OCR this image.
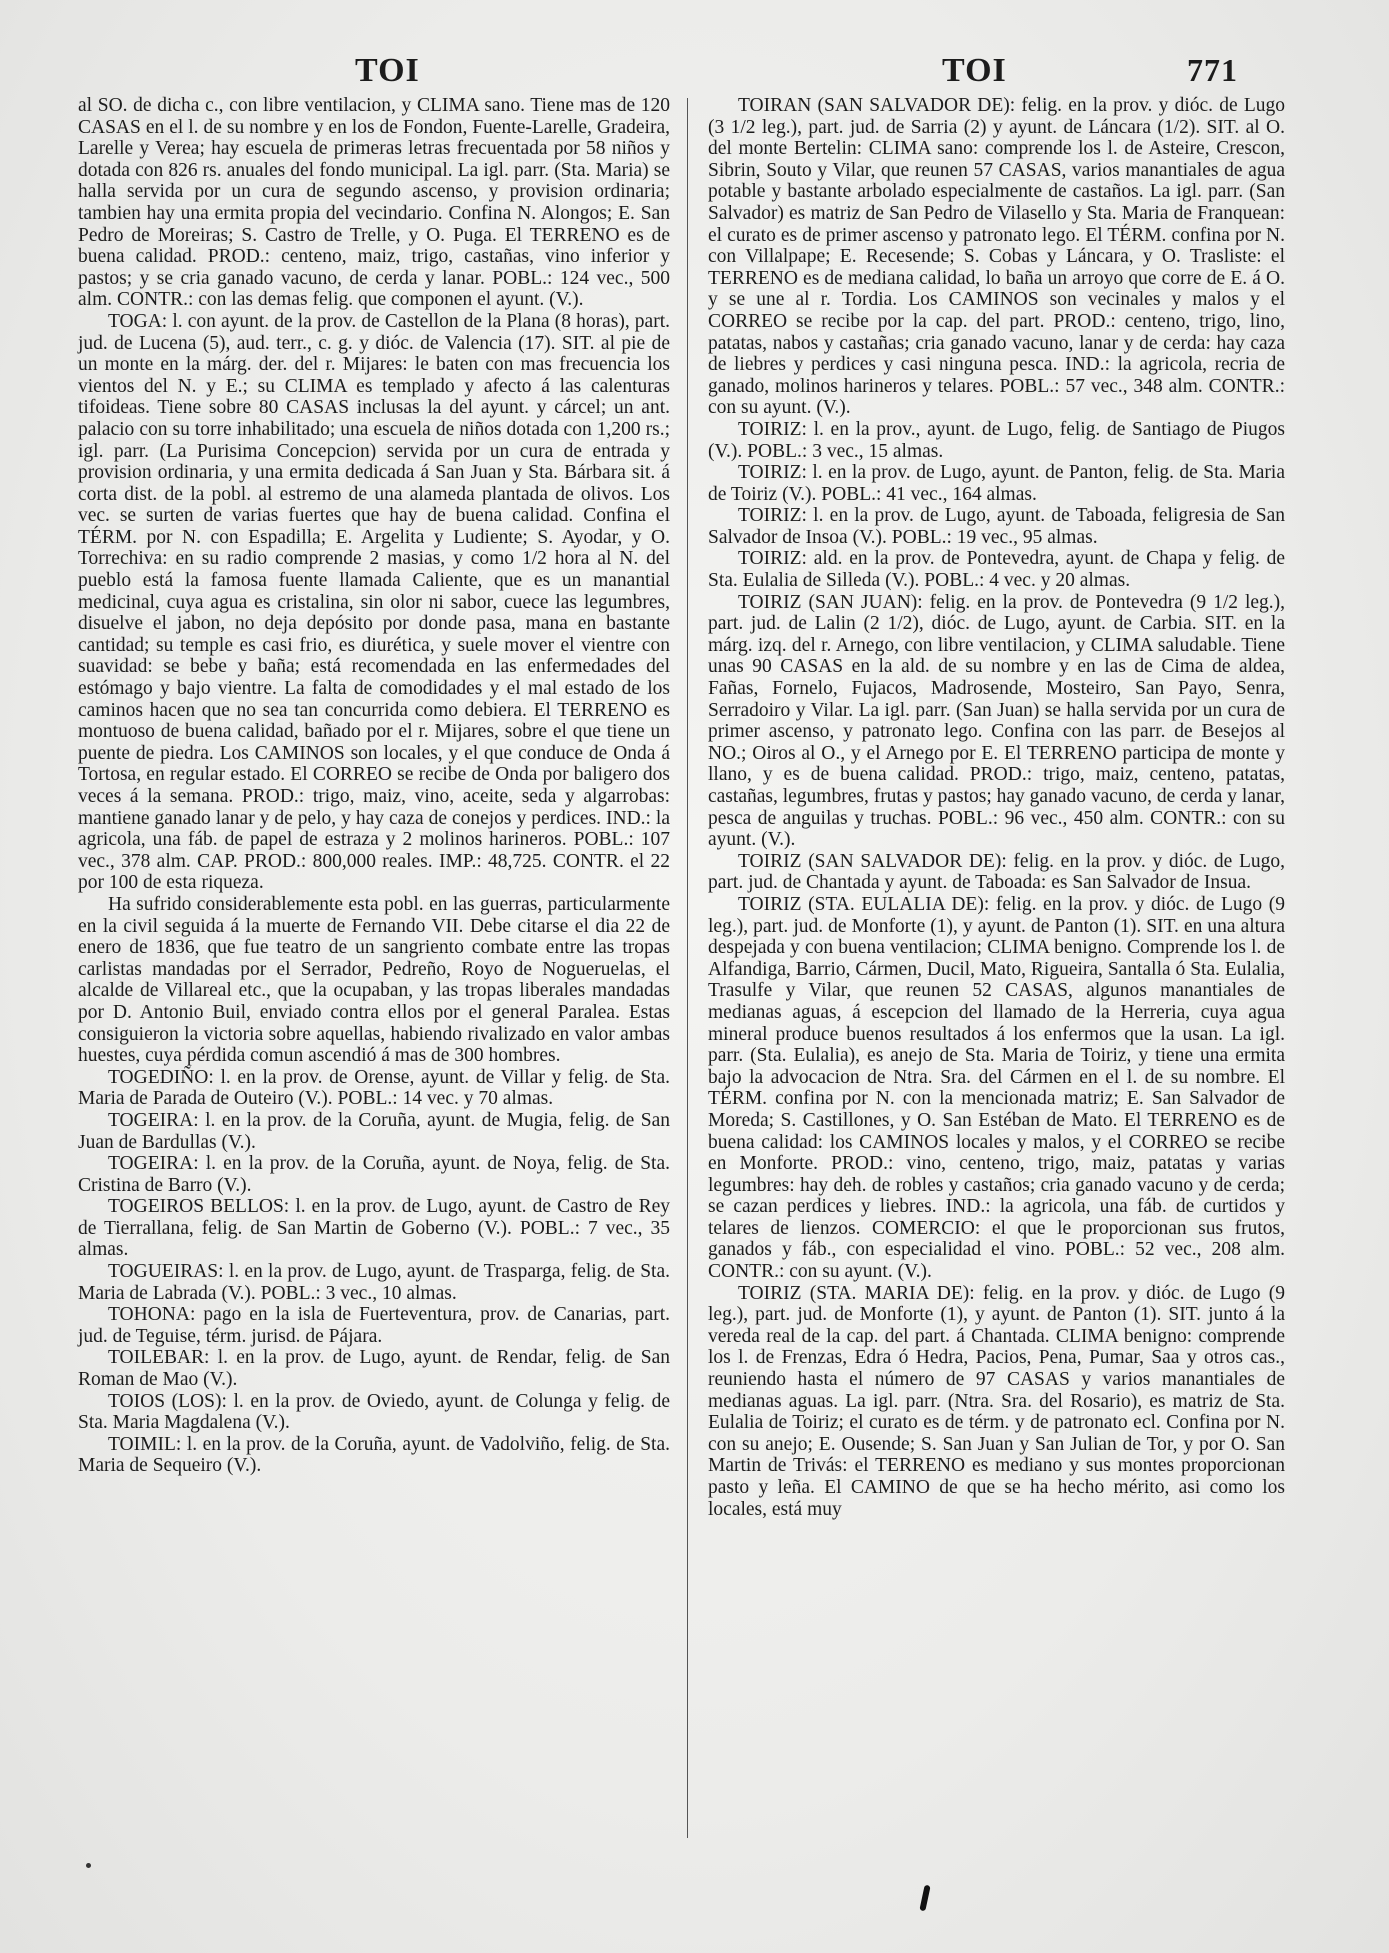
TOI	TOI	771

al SO. de dicha c., con libre ventilacion, y CLIMA sano. Tiene mas de 120 CASAS en el l. de su nombre y en los de Fondon, Fuente-Larelle, Gradeira, Larelle y Verea; hay escuela de primeras letras frecuentada por 58 niños y dotada con 826 rs. anuales del fondo municipal. La igl. parr. (Sta. Maria) se halla servida por un cura de segundo ascenso, y provision ordinaria; tambien hay una ermita propia del vecindario. Confina N. Alongos; E. San Pedro de Moreiras; S. Castro de Trelle, y O. Puga. El TERRENO es de buena calidad. PROD.: centeno, maiz, trigo, castañas, vino inferior y pastos; y se cria ganado vacuno, de cerda y lanar. POBL.: 124 vec., 500 alm. CONTR.: con las demas felig. que componen el ayunt. (V.).

TOGA: l. con ayunt. de la prov. de Castellon de la Plana (8 horas), part. jud. de Lucena (5), aud. terr., c. g. y dióc. de Valencia (17). SIT. al pie de un monte en la márg. der. del r. Mijares: le baten con mas frecuencia los vientos del N. y E.; su CLIMA es templado y afecto á las calenturas tifoideas. Tiene sobre 80 CASAS inclusas la del ayunt. y cárcel; un ant. palacio con su torre inhabilitado; una escuela de niños dotada con 1,200 rs.; igl. parr. (La Purisima Concepcion) servida por un cura de entrada y provision ordinaria, y una ermita dedicada á San Juan y Sta. Bárbara sit. á corta dist. de la pobl. al estremo de una alameda plantada de olivos. Los vec. se surten de varias fuertes que hay de buena calidad. Confina el TÉRM. por N. con Espadilla; E. Argelita y Ludiente; S. Ayodar, y O. Torrechiva: en su radio comprende 2 masias, y como 1/2 hora al N. del pueblo está la famosa fuente llamada Caliente, que es un manantial medicinal, cuya agua es cristalina, sin olor ni sabor, cuece las legumbres, disuelve el jabon, no deja depósito por donde pasa, mana en bastante cantidad; su temple es casi frio, es diurética, y suele mover el vientre con suavidad: se bebe y baña; está recomendada en las enfermedades del estómago y bajo vientre. La falta de comodidades y el mal estado de los caminos hacen que no sea tan concurrida como debiera. El TERRENO es montuoso de buena calidad, bañado por el r. Mijares, sobre el que tiene un puente de piedra. Los CAMINOS son locales, y el que conduce de Onda á Tortosa, en regular estado. El CORREO se recibe de Onda por baligero dos veces á la semana. PROD.: trigo, maiz, vino, aceite, seda y algarrobas: mantiene ganado lanar y de pelo, y hay caza de conejos y perdices. IND.: la agricola, una fáb. de papel de estraza y 2 molinos harineros. POBL.: 107 vec., 378 alm. CAP. PROD.: 800,000 reales. IMP.: 48,725. CONTR. el 22 por 100 de esta riqueza.

Ha sufrido considerablemente esta pobl. en las guerras, particularmente en la civil seguida á la muerte de Fernando VII. Debe citarse el dia 22 de enero de 1836, que fue teatro de un sangriento combate entre las tropas carlistas mandadas por el Serrador, Pedreño, Royo de Nogueruelas, el alcalde de Villareal etc., que la ocupaban, y las tropas liberales mandadas por D. Antonio Buil, enviado contra ellos por el general Paralea. Estas consiguieron la victoria sobre aquellas, habiendo rivalizado en valor ambas huestes, cuya pérdida comun ascendió á mas de 300 hombres.

TOGEDIÑO: l. en la prov. de Orense, ayunt. de Villar y felig. de Sta. Maria de Parada de Outeiro (V.). POBL.: 14 vec. y 70 almas.

TOGEIRA: l. en la prov. de la Coruña, ayunt. de Mugia, felig. de San Juan de Bardullas (V.).

TOGEIRA: l. en la prov. de la Coruña, ayunt. de Noya, felig. de Sta. Cristina de Barro (V.).

TOGEIROS BELLOS: l. en la prov. de Lugo, ayunt. de Castro de Rey de Tierrallana, felig. de San Martin de Goberno (V.). POBL.: 7 vec., 35 almas.

TOGUEIRAS: l. en la prov. de Lugo, ayunt. de Traspargа, felig. de Sta. Maria de Labrada (V.). POBL.: 3 vec., 10 almas.

TOHONA: pago en la isla de Fuerteventura, prov. de Canarias, part. jud. de Teguise, térm. jurisd. de Pájara.

TOILEBAR: l. en la prov. de Lugo, ayunt. de Rendar, felig. de San Roman de Mao (V.).

TOIOS (LOS): l. en la prov. de Oviedo, ayunt. de Colunga y felig. de Sta. Maria Magdalena (V.).

TOIMIL: l. en la prov. de la Coruña, ayunt. de Vadolviño, felig. de Sta. Maria de Sequeiro (V.).

TOIRAN (SAN SALVADOR DE): felig. en la prov. y dióc. de Lugo (3 1/2 leg.), part. jud. de Sarria (2) y ayunt. de Láncara (1/2). SIT. al O. del monte Bertelin: CLIMA sano: comprende los l. de Asteire, Crescon, Sibrin, Souto y Vilar, que reunen 57 CASAS, varios manantiales de agua potable y bastante arbolado especialmente de castaños. La igl. parr. (San Salvador) es matriz de San Pedro de Vilasello y Sta. Maria de Franquean: el curato es de primer ascenso y patronato lego. El TÉRM. confina por N. con Villalpape; E. Recesende; S. Cobas y Láncara, y O. Trasliste: el TERRENO es de mediana calidad, lo baña un arroyo que corre de E. á O. y se une al r. Tordia. Los CAMINOS son vecinales y malos y el CORREO se recibe por la cap. del part. PROD.: centeno, trigo, lino, patatas, nabos y castañas; cria ganado vacuno, lanar y de cerda: hay caza de liebres y perdices y casi ninguna pesca. IND.: la agricola, recria de ganado, molinos harineros y telares. POBL.: 57 vec., 348 alm. CONTR.: con su ayunt. (V.).

TOIRIZ: l. en la prov., ayunt. de Lugo, felig. de Santiago de Piugos (V.). POBL.: 3 vec., 15 almas.

TOIRIZ: l. en la prov. de Lugo, ayunt. de Panton, felig. de Sta. Maria de Toiriz (V.). POBL.: 41 vec., 164 almas.

TOIRIZ: l. en la prov. de Lugo, ayunt. de Taboada, feligresia de San Salvador de Insoa (V.). POBL.: 19 vec., 95 almas.

TOIRIZ: ald. en la prov. de Pontevedra, ayunt. de Chapa y felig. de Sta. Eulalia de Silleda (V.). POBL.: 4 vec. y 20 almas.

TOIRIZ (SAN JUAN): felig. en la prov. de Pontevedra (9 1/2 leg.), part. jud. de Lalin (2 1/2), dióc. de Lugo, ayunt. de Carbia. SIT. en la márg. izq. del r. Arnego, con libre ventilacion, y CLIMA saludable. Tiene unas 90 CASAS en la ald. de su nombre y en las de Cima de aldea, Fañas, Fornelo, Fujacos, Madrosende, Mosteiro, San Payo, Senra, Serradoiro y Vilar. La igl. parr. (San Juan) se halla servida por un cura de primer ascenso, y patronato lego. Confina con las parr. de Besejos al NO.; Oiros al O., y el Arnego por E. El TERRENO participa de monte y llano, y es de buena calidad. PROD.: trigo, maiz, centeno, patatas, castañas, legumbres, frutas y pastos; hay ganado vacuno, de cerda y lanar, pesca de anguilas y truchas. POBL.: 96 vec., 450 alm. CONTR.: con su ayunt. (V.).

TOIRIZ (SAN SALVADOR DE): felig. en la prov. y dióc. de Lugo, part. jud. de Chantada y ayunt. de Taboada: es San Salvador de Insua.

TOIRIZ (STA. EULALIA DE): felig. en la prov. y dióc. de Lugo (9 leg.), part. jud. de Monforte (1), y ayunt. de Panton (1). SIT. en una altura despejada y con buena ventilacion; CLIMA benigno. Comprende los l. de Alfandiga, Barrio, Cármen, Ducil, Mato, Rigueira, Santalla ó Sta. Eulalia, Trasulfe y Vilar, que reunen 52 CASAS, algunos manantiales de medianas aguas, á escepcion del llamado de la Herreria, cuya agua mineral produce buenos resultados á los enfermos que la usan. La igl. parr. (Sta. Eulalia), es anejo de Sta. Maria de Toiriz, y tiene una ermita bajo la advocacion de Ntra. Sra. del Cármen en el l. de su nombre. El TÉRM. confina por N. con la mencionada matriz; E. San Salvador de Moreda; S. Castillones, y O. San Estéban de Mato. El TERRENO es de buena calidad: los CAMINOS locales y malos, y el CORREO se recibe en Monforte. PROD.: vino, centeno, trigo, maiz, patatas y varias legumbres: hay deh. de robles y castaños; cria ganado vacuno y de cerda; se cazan perdices y liebres. IND.: la agricola, una fáb. de curtidos y telares de lienzos. COMERCIO: el que le proporcionan sus frutos, ganados y fáb., con especialidad el vino. POBL.: 52 vec., 208 alm. CONTR.: con su ayunt. (V.).

TOIRIZ (STA. MARIA DE): felig. en la prov. y dióc. de Lugo (9 leg.), part. jud. de Monforte (1), y ayunt. de Panton (1). SIT. junto á la vereda real de la cap. del part. á Chantada. CLIMA benigno: comprende los l. de Frenzas, Edra ó Hedra, Pacios, Pena, Pumar, Saa y otros cas., reuniendo hasta el número de 97 CASAS y varios manantiales de medianas aguas. La igl. parr. (Ntra. Sra. del Rosario), es matriz de Sta. Eulalia de Toiriz; el curato es de térm. y de patronato ecl. Confina por N. con su anejo; E. Ousende; S. San Juan y San Julian de Tor, y por O. San Martin de Trivás: el TERRENO es mediano y sus montes proporcionan pasto y leña. El CAMINO de que se ha hecho mérito, asi como los locales, está muy
